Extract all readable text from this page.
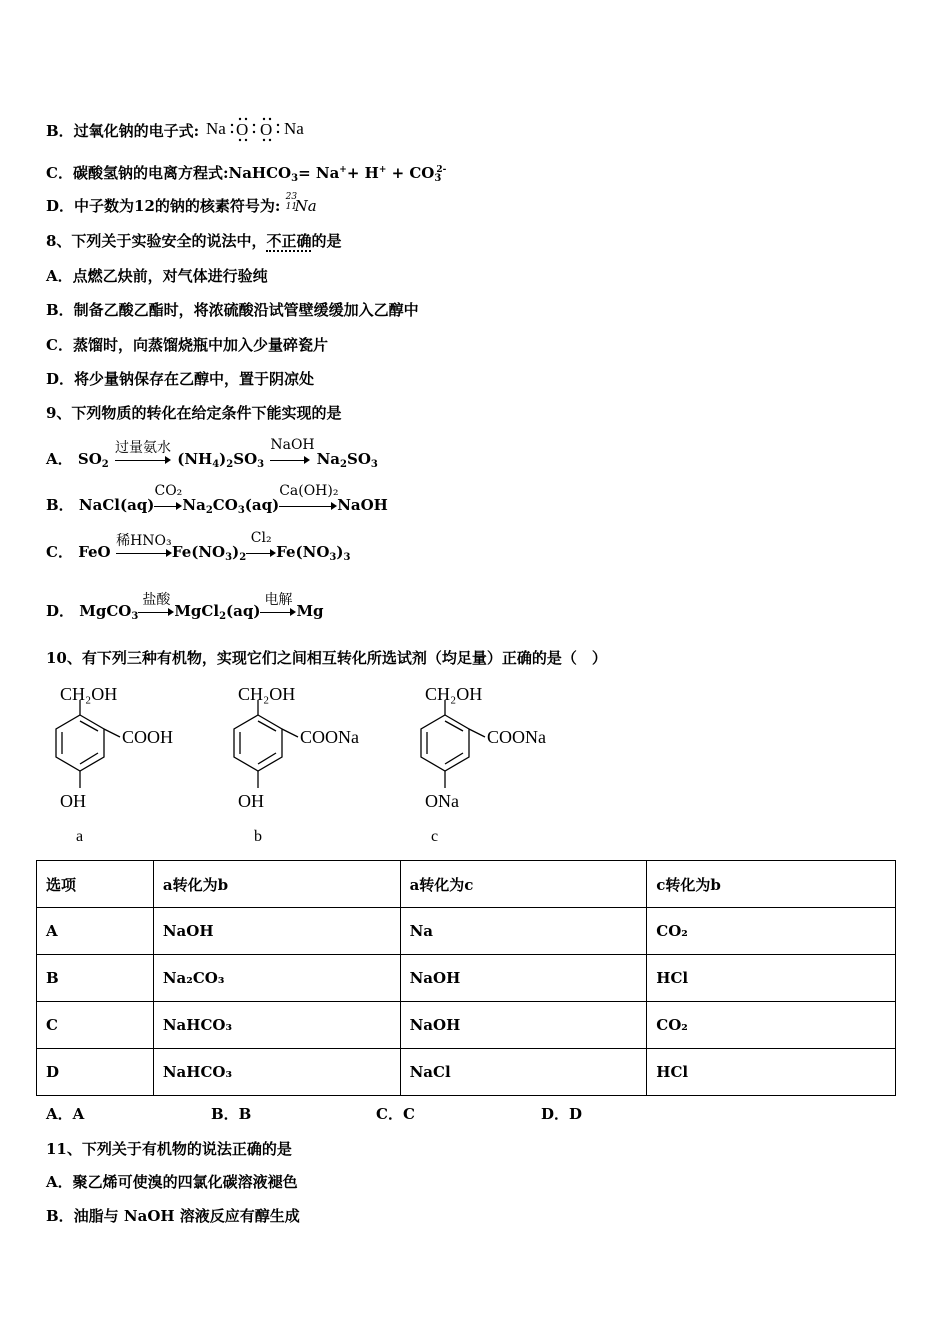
B．过氧化钠的电子式: Na O O Na
C．碳酸氢钠的电离方程式:NaHCO$_3$= $Na^++ H^+ + CO_3^{2-}$
D．中子数为12的钠的核素符号为: 23
11
Na
8、下列关于实验安全的说法中，不正确的是
A．点燃乙炔前，对气体进行验纯
B．制备乙酸乙酯时，将浓硫酸沿试管壁缓缓加入乙醇中
C．蒸馏时，向蒸馏烧瓶中加入少量碎瓷片
D．将少量钠保存在乙醇中，置于阴凉处
9、下列物质的转化在给定条件下能实现的是
A． $SO_2$
过量氨水
$(NH_4)_2SO_3$
NaOH
$Na_2SO_3$
B． NaCl(aq)
CO₂
$Na_2CO_3(aq)$
Ca(OH)₂
NaOH
C． FeO
稀HNO₃
$Fe(NO_3)_2$
Cl₂
$Fe(NO_3)_3$
D． MgCO$_3$
盐酸
MgCl$_2$(aq)
电解
Mg
10、有下列三种有机物，实现它们之间相互转化所选试剂（均足量）正确的是（　）
CH₂OH
COOH
OH
a
CH₂OH
COONa
OH
b
CH₂OH
COONa
ONa
c
选项	a转化为b	a转化为c	c转化为b
A	NaOH	Na	CO₂
B	Na₂CO₃	NaOH	HCl
C	NaHCO₃	NaOH	CO₂
D	NaHCO₃	NaCl	HCl
A．A	B．B	C．C	D．D
11、下列关于有机物的说法正确的是
A．聚乙烯可使溴的四氯化碳溶液褪色
B．油脂与 NaOH 溶液反应有醇生成
